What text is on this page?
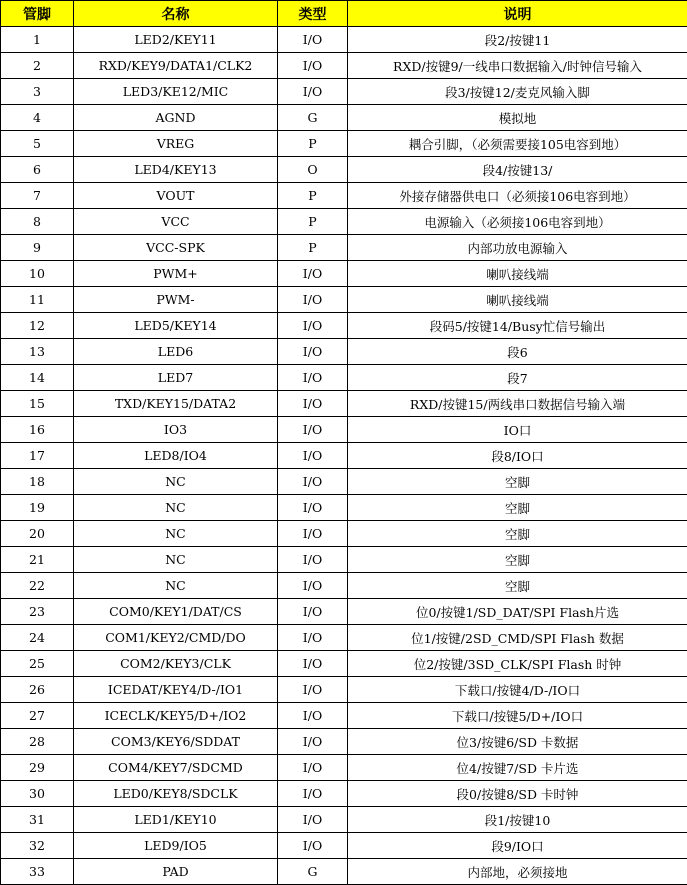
管脚	名称	类型	说明
1	LED2/KEY11	I/O	段2/按键11
2	RXD/KEY9/DATA1/CLK2	I/O	RXD/按键9/一线串口数据输入/时钟信号输入
3	LED3/KE12/MIC	I/O	段3/按键12/麦克风输入脚
4	AGND	G	模拟地
5	VREG	P	耦合引脚，（必须需要接105电容到地）
6	LED4/KEY13	O	段4/按键13/
7	VOUT	P	外接存储器供电口（必须接106电容到地）
8	VCC	P	电源输入（必须接106电容到地）
9	VCC-SPK	P	内部功放电源输入
10	PWM+	I/O	喇叭接线端
11	PWM-	I/O	喇叭接线端
12	LED5/KEY14	I/O	段码5/按键14/Busy忙信号输出
13	LED6	I/O	段6
14	LED7	I/O	段7
15	TXD/KEY15/DATA2	I/O	RXD/按键15/两线串口数据信号输入端
16	IO3	I/O	IO口
17	LED8/IO4	I/O	段8/IO口
18	NC	I/O	空脚
19	NC	I/O	空脚
20	NC	I/O	空脚
21	NC	I/O	空脚
22	NC	I/O	空脚
23	COM0/KEY1/DAT/CS	I/O	位0/按键1/SD_DAT/SPI Flash片选
24	COM1/KEY2/CMD/DO	I/O	位1/按键/2SD_CMD/SPI Flash 数据
25	COM2/KEY3/CLK	I/O	位2/按键/3SD_CLK/SPI Flash 时钟
26	ICEDAT/KEY4/D-/IO1	I/O	下载口/按键4/D-/IO口
27	ICECLK/KEY5/D+/IO2	I/O	下载口/按键5/D+/IO口
28	COM3/KEY6/SDDAT	I/O	位3/按键6/SD 卡数据
29	COM4/KEY7/SDCMD	I/O	位4/按键7/SD 卡片选
30	LED0/KEY8/SDCLK	I/O	段0/按键8/SD 卡时钟
31	LED1/KEY10	I/O	段1/按键10
32	LED9/IO5	I/O	段9/IO口
33	PAD	G	内部地，必须接地
